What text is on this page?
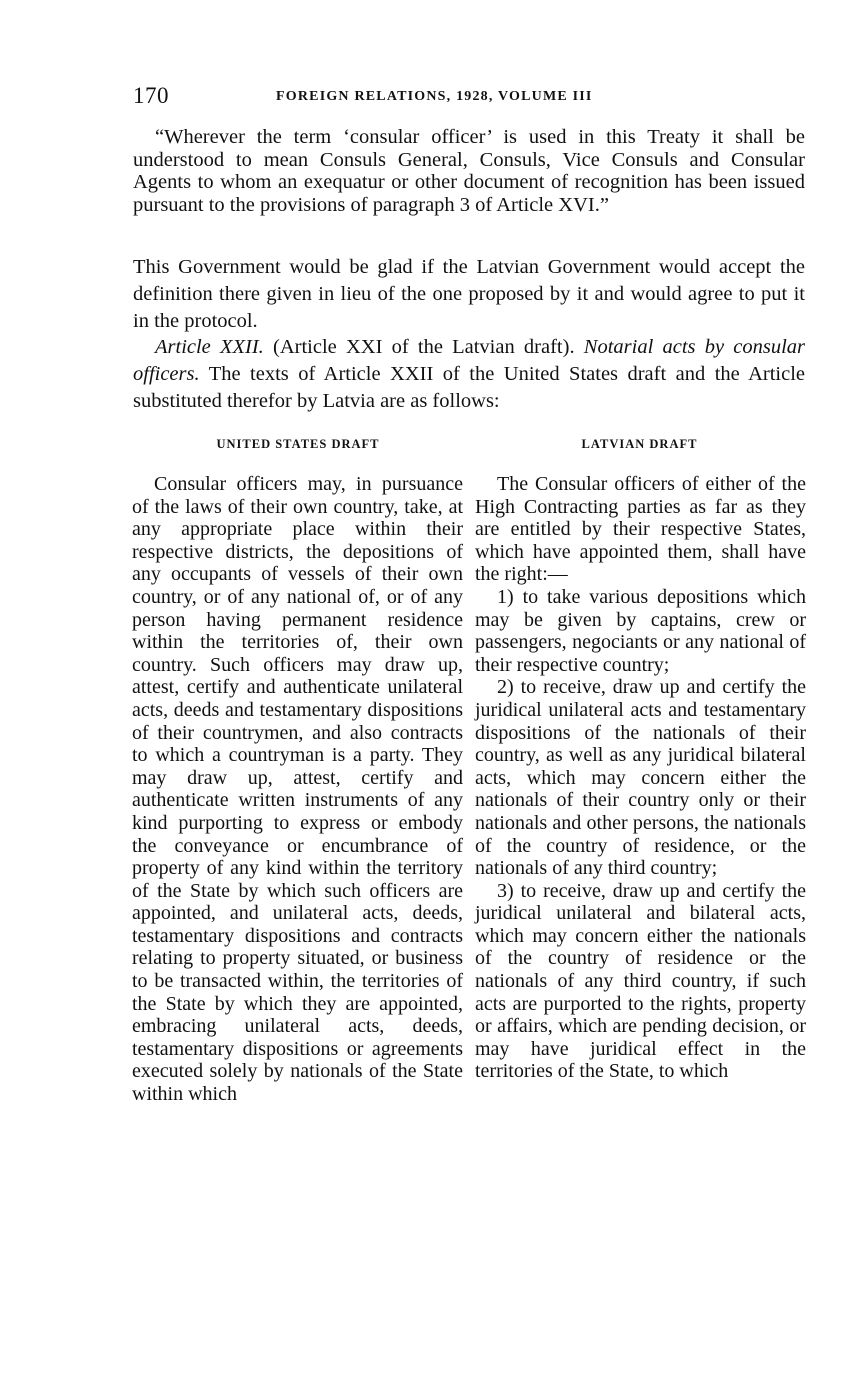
170	FOREIGN RELATIONS, 1928, VOLUME III

“Wherever the term ‘consular officer’ is used in this Treaty it shall be understood to mean Consuls General, Consuls, Vice Consuls and Consular Agents to whom an exequatur or other document of recognition has been issued pursuant to the provisions of paragraph 3 of Article XVI.”

This Government would be glad if the Latvian Government would accept the definition there given in lieu of the one proposed by it and would agree to put it in the protocol.

Article XXII. (Article XXI of the Latvian draft). Notarial acts by consular officers. The texts of Article XXII of the United States draft and the Article substituted therefor by Latvia are as follows:

UNITED STATES DRAFT	LATVIAN DRAFT

Consular officers may, in pursuance of the laws of their own country, take, at any appropriate place within their respective districts, the depositions of any occupants of vessels of their own country, or of any national of, or of any person having permanent residence within the territories of, their own country. Such officers may draw up, attest, certify and authenticate unilateral acts, deeds and testamentary dispositions of their countrymen, and also contracts to which a countryman is a party. They may draw up, attest, certify and authenticate written instruments of any kind purporting to express or embody the conveyance or encumbrance of property of any kind within the territory of the State by which such officers are appointed, and unilateral acts, deeds, testamentary dispositions and contracts relating to property situated, or business to be transacted within, the territories of the State by which they are appointed, embracing unilateral acts, deeds, testamentary dispositions or agreements executed solely by nationals of the State within which

The Consular officers of either of the High Contracting parties as far as they are entitled by their respective States, which have appointed them, shall have the right:—

1) to take various depositions which may be given by captains, crew or passengers, negociants or any national of their respective country;

2) to receive, draw up and certify the juridical unilateral acts and testamentary dispositions of the nationals of their country, as well as any juridical bilateral acts, which may concern either the nationals of their country only or their nationals and other persons, the nationals of the country of residence, or the nationals of any third country;

3) to receive, draw up and certify the juridical unilateral and bilateral acts, which may concern either the nationals of the country of residence or the nationals of any third country, if such acts are purported to the rights, property or affairs, which are pending decision, or may have juridical effect in the territories of the State, to which
